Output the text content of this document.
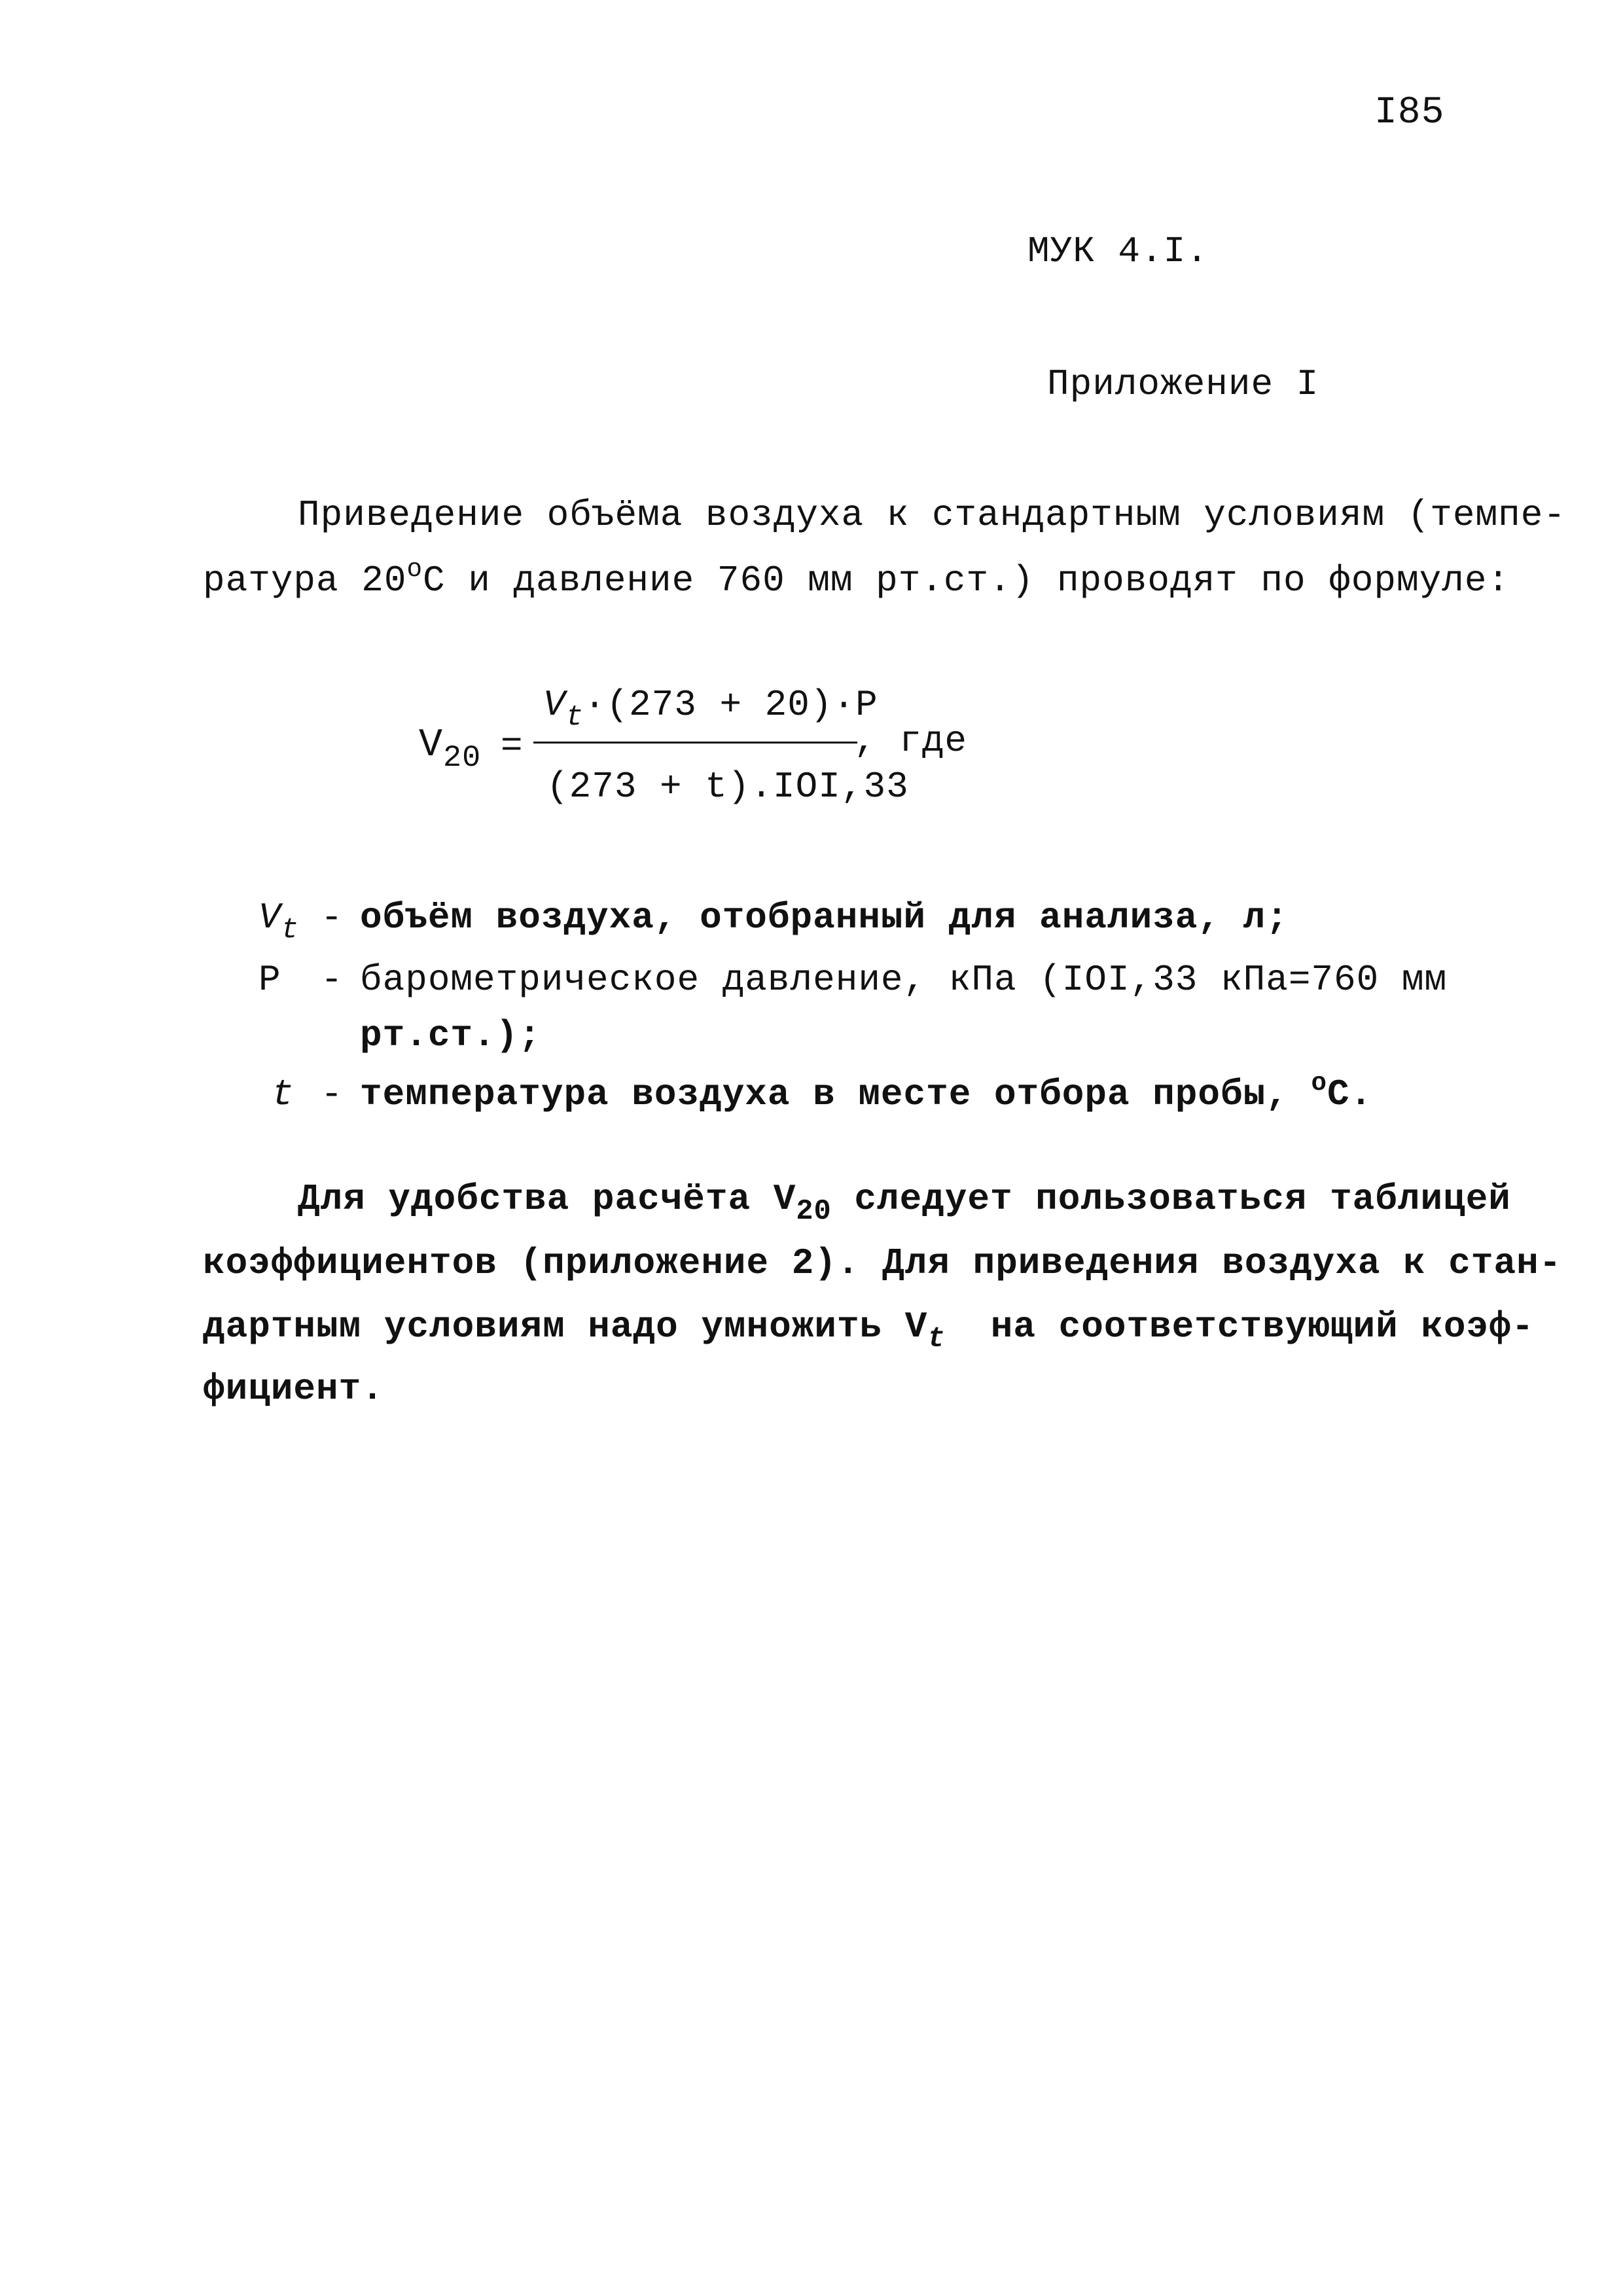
I85
МУК 4.I.
Приложение I
Приведение объёма воздуха к стандартным условиям (темпе-
ратура $20^оС$ и давление 760 мм рт.ст.) проводят по формуле:
$V_{20}$ =
$V_t\cdot(273 + 20)\cdot P$
(273 + t).IOI,33
, где
$V_t$ - объём воздуха, отобранный для анализа, л;
P - барометрическое давление, кПа (IOI,33 кПа=760 мм
рт.ст.);
t - температура воздуха в месте отбора пробы, $^о$С.
Для удобства расчёта $V_{20}$ следует пользоваться таблицей
коэффициентов (приложение 2). Для приведения воздуха к стан-
дартным условиям надо умножить $V_t$  на соответствующий коэф-
фициент.
